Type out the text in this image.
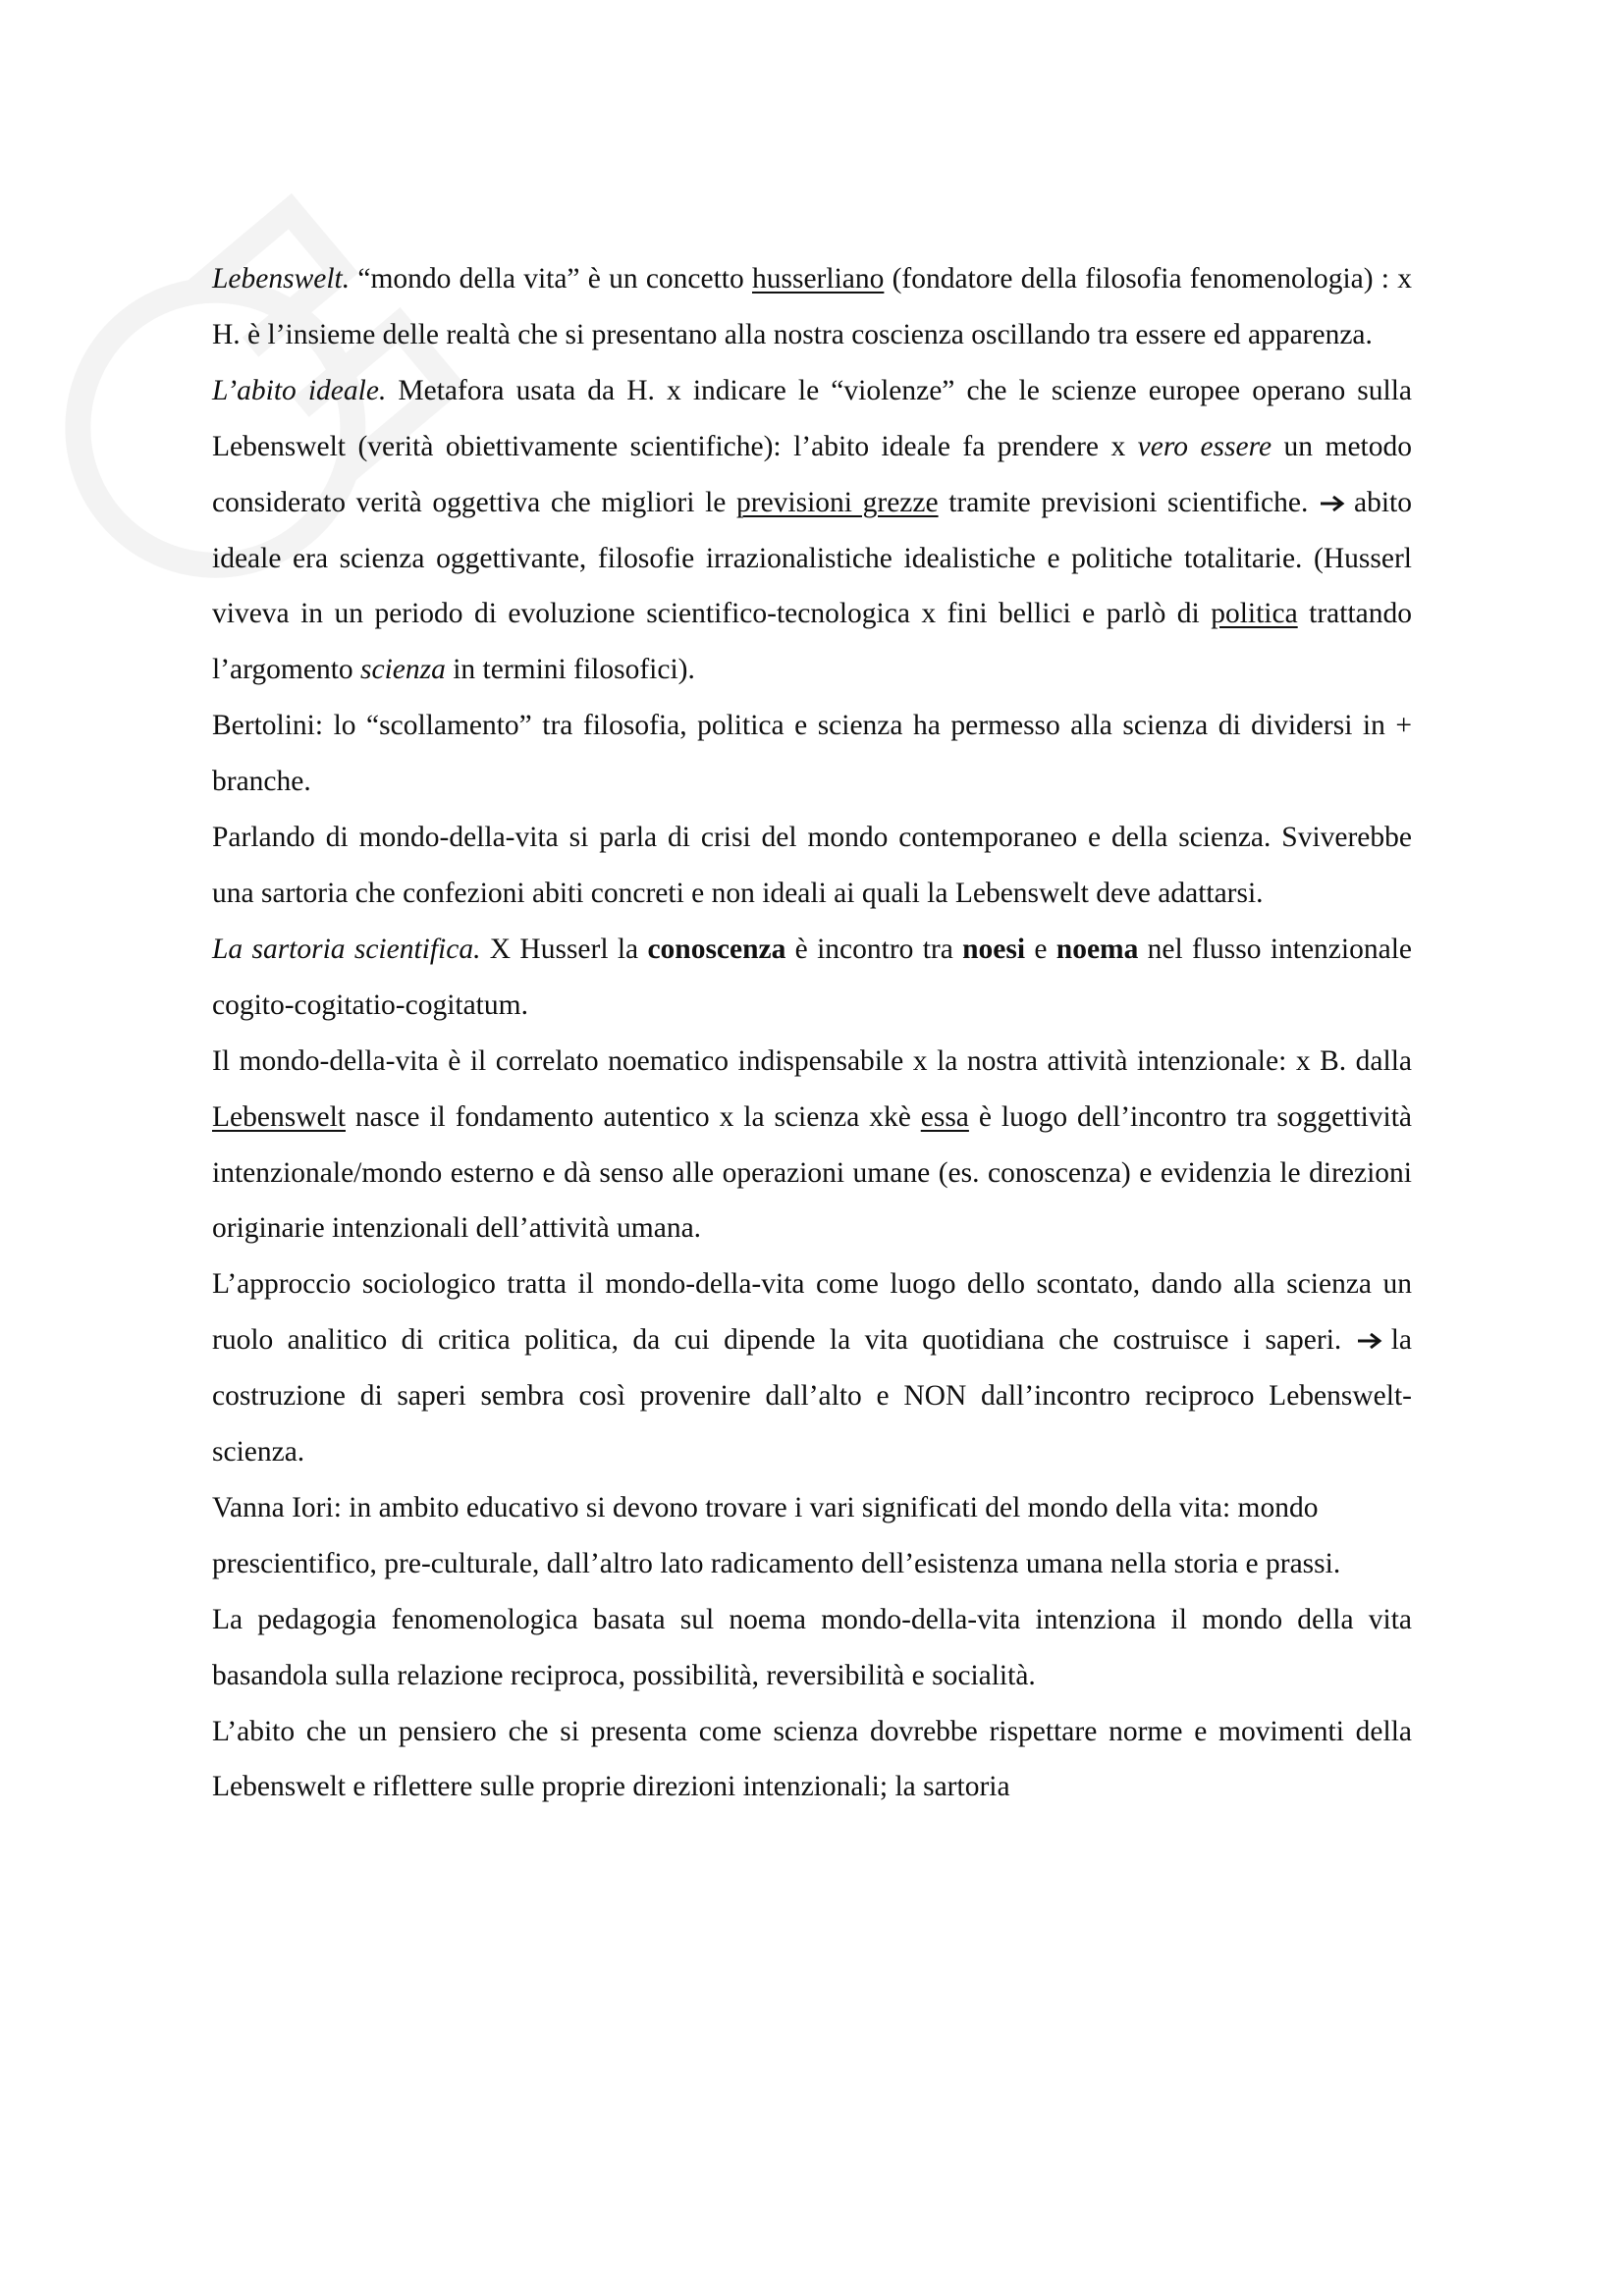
Lebenswelt. “mondo della vita” è un concetto husserliano (fondatore della filosofia fenomenologia) : x H. è l’insieme delle realtà che si presentano alla nostra coscienza oscillando tra essere ed apparenza.

L’abito ideale. Metafora usata da H. x indicare le “violenze” che le scienze europee operano sulla Lebenswelt (verità obiettivamente scientifiche): l’abito ideale fa prendere x vero essere un metodo considerato verità oggettiva che migliori le previsioni grezze tramite previsioni scientifiche. abito ideale era scienza oggettivante, filosofie irrazionalistiche idealistiche e politiche totalitarie. (Husserl viveva in un periodo di evoluzione scientifico-tecnologica x fini bellici e parlò di politica trattando l’argomento scienza in termini filosofici).

Bertolini: lo “scollamento” tra filosofia, politica e scienza ha permesso alla scienza di dividersi in + branche.

Parlando di mondo-della-vita si parla di crisi del mondo contemporaneo e della scienza. Sviverebbe una sartoria che confezioni abiti concreti e non ideali ai quali la Lebenswelt deve adattarsi.

La sartoria scientifica. X Husserl la conoscenza è incontro tra noesi e noema nel flusso intenzionale cogito-cogitatio-cogitatum.

Il mondo-della-vita è il correlato noematico indispensabile x la nostra attività intenzionale: x B. dalla Lebenswelt nasce il fondamento autentico x la scienza xkè essa è luogo dell’incontro tra soggettività intenzionale/mondo esterno e dà senso alle operazioni umane (es. conoscenza) e evidenzia le direzioni originarie intenzionali dell’attività umana.

L’approccio sociologico tratta il mondo-della-vita come luogo dello scontato, dando alla scienza un ruolo analitico di critica politica, da cui dipende la vita quotidiana che costruisce i saperi. la costruzione di saperi sembra così provenire dall’alto e NON dall’incontro reciproco Lebenswelt-scienza.

Vanna Iori: in ambito educativo si devono trovare i vari significati del mondo della vita: mondo

prescientifico, pre-culturale, dall’altro lato radicamento dell’esistenza umana nella storia e prassi.

La pedagogia fenomenologica basata sul noema mondo-della-vita intenziona il mondo della vita basandola sulla relazione reciproca, possibilità, reversibilità e socialità.

L’abito che un pensiero che si presenta come scienza dovrebbe rispettare norme e movimenti della Lebenswelt e riflettere sulle proprie direzioni intenzionali; la sartoria
